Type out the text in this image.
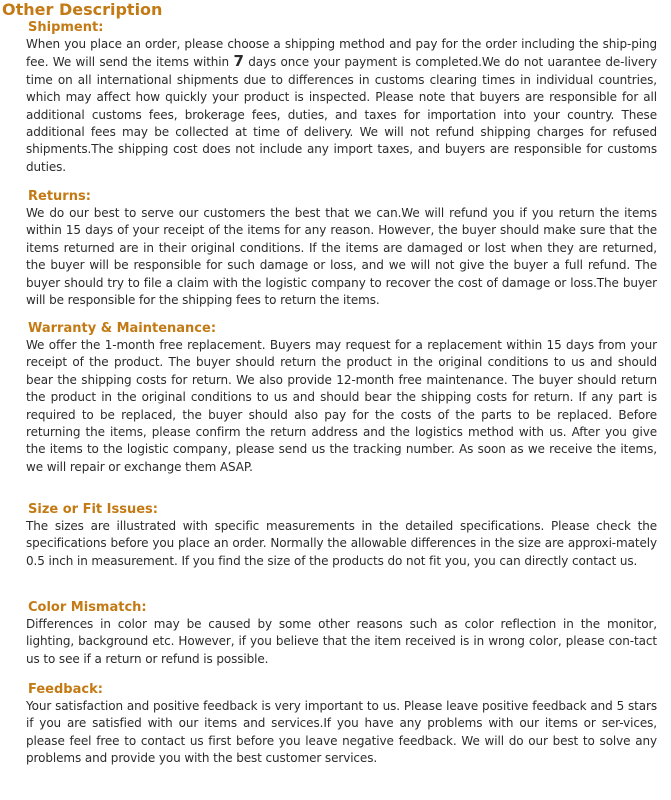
Other Description
Shipment:

When you place an order, please choose a shipping method and pay for the order including the ship-ping fee. We will send the items within 7 days once your payment is completed.We do not uarantee de-livery time on all international shipments due to differences in customs clearing times in individual countries, which may affect how quickly your product is inspected. Please note that buyers are responsible for all additional customs fees, brokerage fees, duties, and taxes for importation into your country. These additional fees may be collected at time of delivery. We will not refund shipping charges for refused shipments.The shipping cost does not include any import taxes, and buyers are responsible for customs duties.

Returns:

We do our best to serve our customers the best that we can.We will refund you if you return the items within 15 days of your receipt of the items for any reason. However, the buyer should make sure that the items returned are in their original conditions. If the items are damaged or lost when they are returned, the buyer will be responsible for such damage or loss, and we will not give the buyer a full refund. The buyer should try to file a claim with the logistic company to recover the cost of damage or loss.The buyer will be responsible for the shipping fees to return the items.

Warranty & Maintenance:

We offer the 1-month free replacement. Buyers may request for a replacement within 15 days from your receipt of the product. The buyer should return the product in the original conditions to us and should bear the shipping costs for return. We also provide 12-month free maintenance. The buyer should return the product in the original conditions to us and should bear the shipping costs for return. If any part is required to be replaced, the buyer should also pay for the costs of the parts to be replaced. Before returning the items, please confirm the return address and the logistics method with us. After you give the items to the logistic company, please send us the tracking number. As soon as we receive the items, we will repair or exchange them ASAP.

Size or Fit Issues:

The sizes are illustrated with specific measurements in the detailed specifications. Please check the specifications before you place an order. Normally the allowable differences in the size are approxi-mately 0.5 inch in measurement. If you find the size of the products do not fit you, you can directly contact us.

Color Mismatch:

Differences in color may be caused by some other reasons such as color reflection in the monitor, lighting, background etc. However, if you believe that the item received is in wrong color, please con-tact us to see if a return or refund is possible.

Feedback:

Your satisfaction and positive feedback is very important to us. Please leave positive feedback and 5 stars if you are satisfied with our items and services.If you have any problems with our items or ser-vices, please feel free to contact us first before you leave negative feedback. We will do our best to solve any problems and provide you with the best customer services.
